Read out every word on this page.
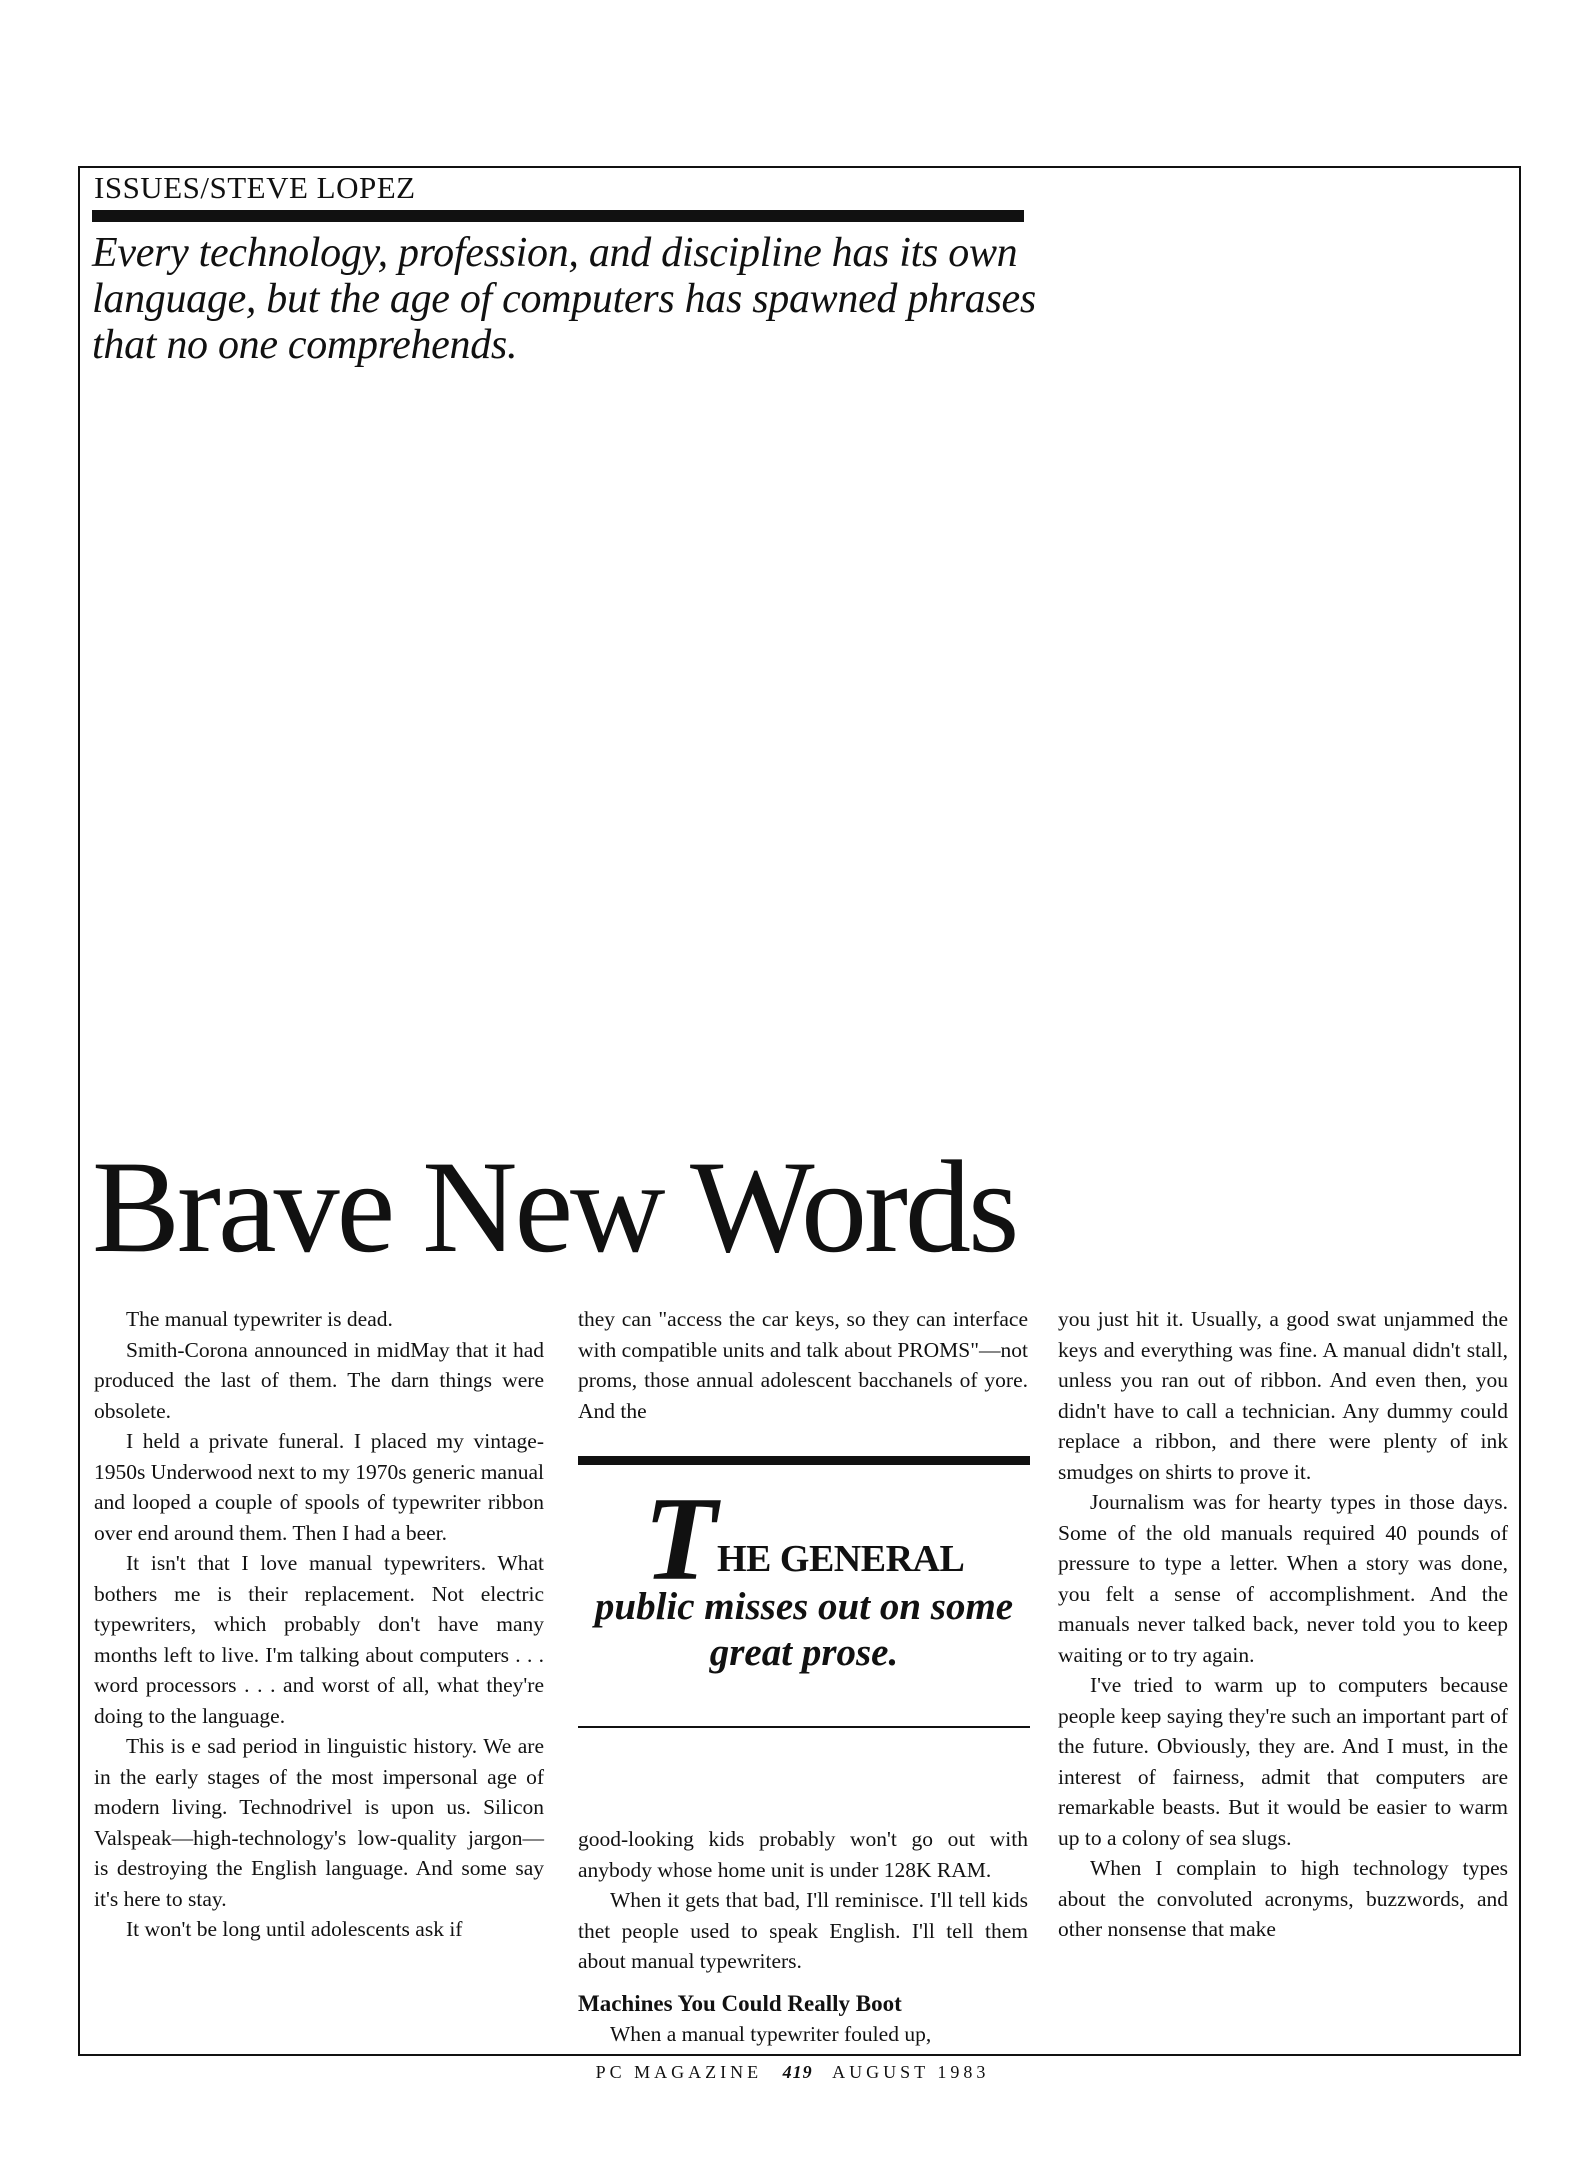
ISSUES/STEVE LOPEZ
Every technology, profession, and discipline has its own language, but the age of computers has spawned phrases that no one comprehends.
Brave New Words

The manual typewriter is dead.

Smith-Corona announced in midMay that it had produced the last of them. The darn things were obsolete.

I held a private funeral. I placed my vintage-1950s Underwood next to my 1970s generic manual and looped a couple of spools of typewriter ribbon over end around them. Then I had a beer.

It isn't that I love manual typewriters. What bothers me is their replacement. Not electric typewriters, which probably don't have many months left to live. I'm talking about computers . . . word processors . . . and worst of all, what they're doing to the language.

This is e sad period in linguistic history. We are in the early stages of the most impersonal age of modern living. Technodrivel is upon us. Silicon Valspeak—high-technology's low-quality jargon—is destroying the English language. And some say it's here to stay.

It won't be long until adolescents ask if

they can "access the car keys, so they can interface with compatible units and talk about PROMS"—not proms, those annual adolescent bacchanels of yore. And the

THE GENERAL
public misses out on some great prose.

good-looking kids probably won't go out with anybody whose home unit is under 128K RAM.

When it gets that bad, I'll reminisce. I'll tell kids thet people used to speak English. I'll tell them about manual typewriters.

Machines You Could Really Boot

When a manual typewriter fouled up,

you just hit it. Usually, a good swat unjammed the keys and everything was fine. A manual didn't stall, unless you ran out of ribbon. And even then, you didn't have to call a technician. Any dummy could replace a ribbon, and there were plenty of ink smudges on shirts to prove it.

Journalism was for hearty types in those days. Some of the old manuals required 40 pounds of pressure to type a letter. When a story was done, you felt a sense of accomplishment. And the manuals never talked back, never told you to keep waiting or to try again.

I've tried to warm up to computers because people keep saying they're such an important part of the future. Obviously, they are. And I must, in the interest of fairness, admit that computers are remarkable beasts. But it would be easier to warm up to a colony of sea slugs.

When I complain to high technology types about the convoluted acronyms, buzzwords, and other nonsense that make

PC MAGAZINE 419 AUGUST 1983
